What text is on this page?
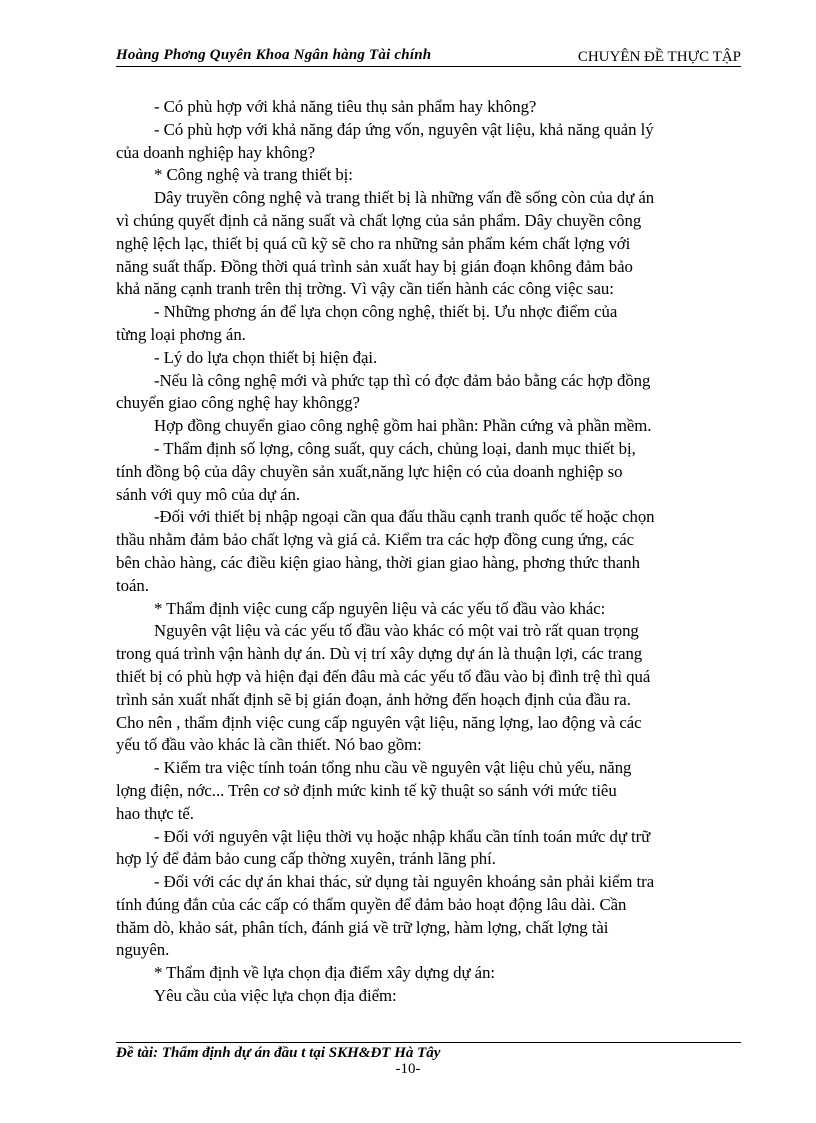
Hoàng Phơng Quyên Khoa Ngân hàng Tài chính	CHUYÊN ĐỀ THỰC TẬP
- Có phù hợp với khả năng tiêu thụ sản phẩm hay không?
- Có phù hợp với khả năng đáp ứng vốn, nguyên vật liệu, khả năng quản lý
của doanh nghiệp hay không?
* Công nghệ và trang thiết bị:
Dây truyền công nghệ và trang thiết bị là những vấn đề sống còn của dự án
vì chúng quyết định cả năng suất và chất lợng của sản phẩm. Dây chuyền công
nghệ lệch lạc, thiết bị quá cũ kỹ sẽ cho ra những sản phẩm kém chất lợng với
năng suất thấp. Đồng thời quá trình sản xuất hay bị gián đoạn không đảm bảo
khả năng cạnh tranh trên thị trờng. Vì vậy cần tiến hành các công việc sau:
- Những phơng án để lựa chọn công nghệ, thiết bị. Ưu nhợc điểm của
từng loại phơng án.
- Lý do lựa chọn thiết bị hiện đại.
-Nếu là công nghệ mới và phức tạp thì có đợc đảm bảo bằng các hợp đồng
chuyển giao công nghệ hay khôngg?
Hợp đồng chuyển giao công nghệ gồm hai phần: Phần cứng và phần mềm.
- Thẩm định số lợng, công suất, quy cách, chủng loại, danh mục thiết bị,
tính đồng bộ của dây chuyền sản xuất,năng lực hiện có của doanh nghiệp so
sánh với quy mô của dự án.
-Đối với thiết bị nhập ngoại cần qua đấu thầu cạnh tranh quốc tế hoặc chọn
thầu nhằm đảm bảo chất lợng và giá cả. Kiểm tra các hợp đồng cung ứng, các
bên chào hàng, các điều kiện giao hàng, thời gian giao hàng, phơng thức thanh
toán.
* Thẩm định việc cung cấp nguyên liệu và các yếu tố đầu vào khác:
Nguyên vật liệu và các yếu tố đầu vào khác có một vai trò rất quan trọng
trong quá trình vận hành dự án. Dù vị trí xây dựng dự án là thuận lợi, các trang
thiết bị có phù hợp và hiện đại đến đâu mà các yếu tố đầu vào bị đình trệ thì quá
trình sản xuất nhất định sẽ bị gián đoạn, ảnh hởng đến hoạch định của đầu ra.
Cho nên , thẩm định việc cung cấp nguyên vật liệu, năng lợng, lao động và các
yếu tố đầu vào khác là cần thiết. Nó bao gồm:
- Kiểm tra việc tính toán tổng nhu cầu về nguyên vật liệu chủ yếu, năng
lợng điện, nớc... Trên cơ sở định mức kinh tế kỹ thuật so sánh với mức tiêu
hao thực tế.
- Đối với nguyên vật liệu thời vụ hoặc nhập khẩu cần tính toán mức dự trữ
hợp lý để đảm bảo cung cấp thờng xuyên, tránh lãng phí.
- Đối với các dự án khai thác, sử dụng tài nguyên khoáng sản phải kiểm tra
tính đúng đắn của các cấp có thẩm quyền để đảm bảo hoạt động lâu dài. Cần
thăm dò, khảo sát, phân tích, đánh giá về trữ lợng, hàm lợng, chất lợng tài
nguyên.
* Thẩm định về lựa chọn địa điểm xây dựng dự án:
Yêu cầu của việc lựa chọn địa điểm:
Đề tài: Thẩm định dự án đầu t tại SKH&ĐT Hà Tây
-10-
